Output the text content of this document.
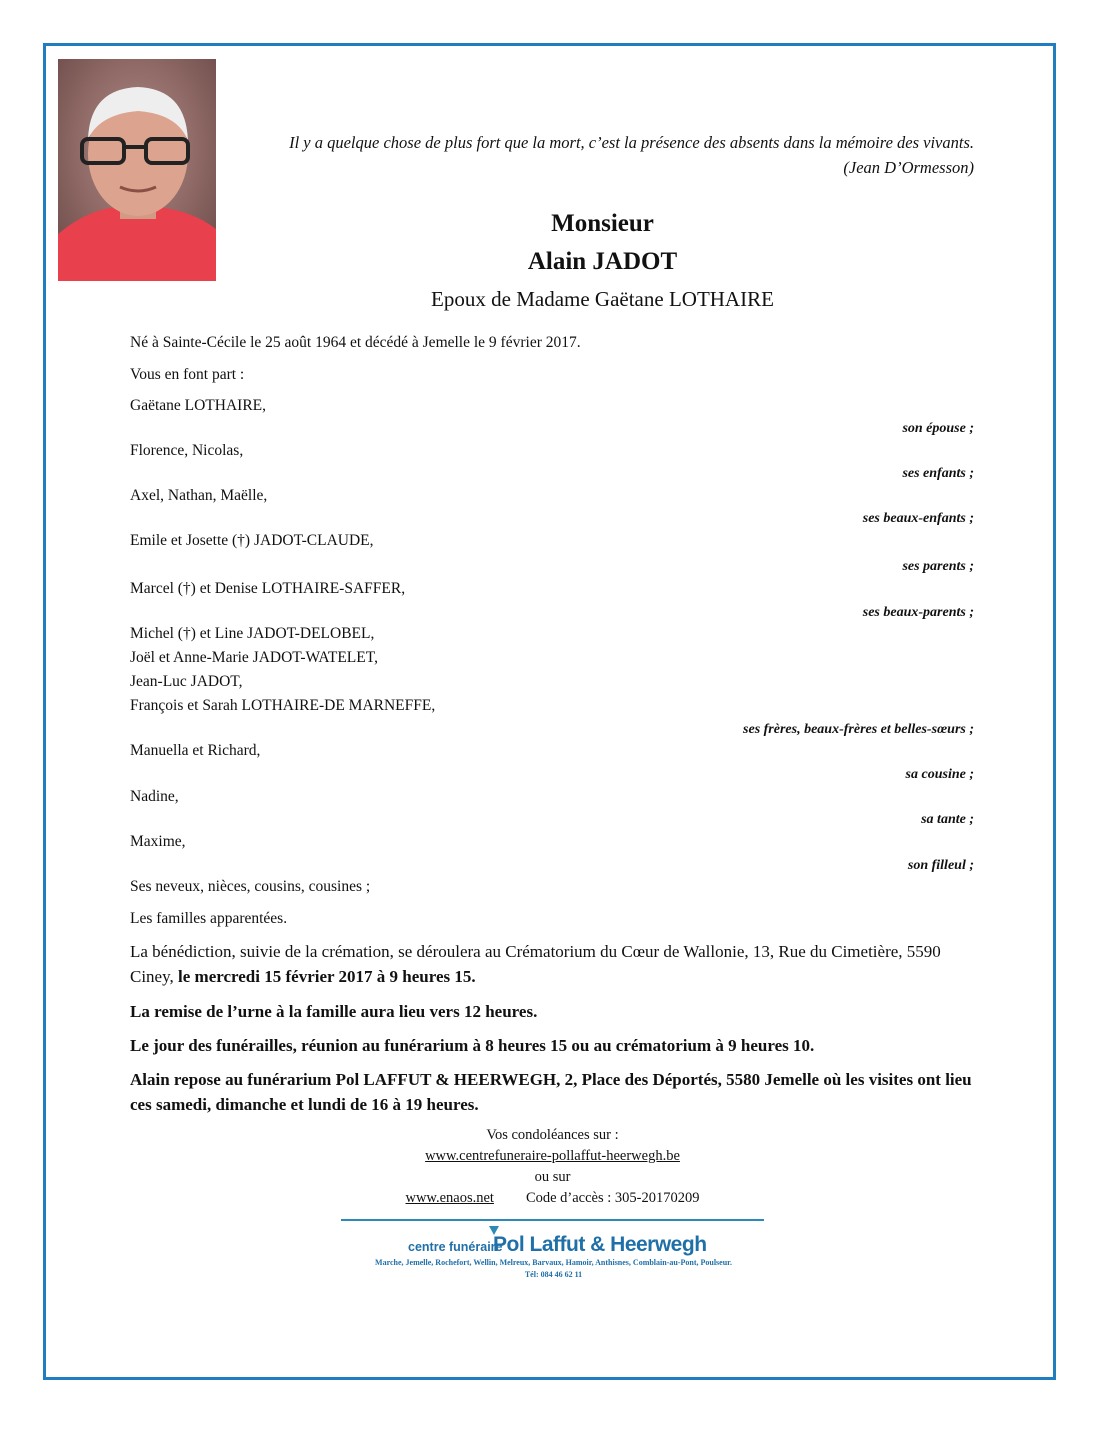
Il y a quelque chose de plus fort que la mort, c’est la présence des absents dans la mémoire des vivants. (Jean D’Ormesson)
Monsieur
Alain JADOT
Epoux de Madame Gaëtane LOTHAIRE
Né à Sainte-Cécile le 25 août 1964 et décédé à Jemelle le 9 février 2017.
Vous en font part :
Gaëtane LOTHAIRE,
son épouse ;
Florence, Nicolas,
ses enfants ;
Axel, Nathan, Maëlle,
ses beaux-enfants ;
Emile et Josette (†) JADOT-CLAUDE,
ses parents ;
Marcel (†) et Denise LOTHAIRE-SAFFER,
ses beaux-parents ;
Michel (†) et Line JADOT-DELOBEL,
Joël et Anne-Marie JADOT-WATELET,
Jean-Luc JADOT,
François et Sarah LOTHAIRE-DE MARNEFFE,
ses frères, beaux-frères et belles-sœurs ;
Manuella et Richard,
sa cousine ;
Nadine,
sa tante ;
Maxime,
son filleul ;
Ses neveux, nièces, cousins, cousines ;
Les familles apparentées.
La bénédiction, suivie de la crémation, se déroulera au Crématorium du Cœur de Wallonie, 13, Rue du Cimetière, 5590 Ciney, le mercredi 15 février 2017 à 9 heures 15.
La remise de l’urne à la famille aura lieu vers 12 heures.
Le jour des funérailles, réunion au funérarium à 8 heures 15 ou au crématorium à 9 heures 10.
Alain repose au funérarium Pol LAFFUT & HEERWEGH, 2, Place des Déportés, 5580 Jemelle où les visites ont lieu ces samedi, dimanche et lundi de 16 à 19 heures.
Vos condoléances sur :
www.centrefuneraire-pollaffut-heerwegh.be
ou sur
www.enaos.net Code d’accès : 305-20170209
centre funéraire
Pol Laffut & Heerwegh
Marche, Jemelle, Rochefort, Wellin, Melreux, Barvaux, Hamoir, Anthisnes, Comblain-au-Pont, Poulseur.
Tél: 084 46 62 11
